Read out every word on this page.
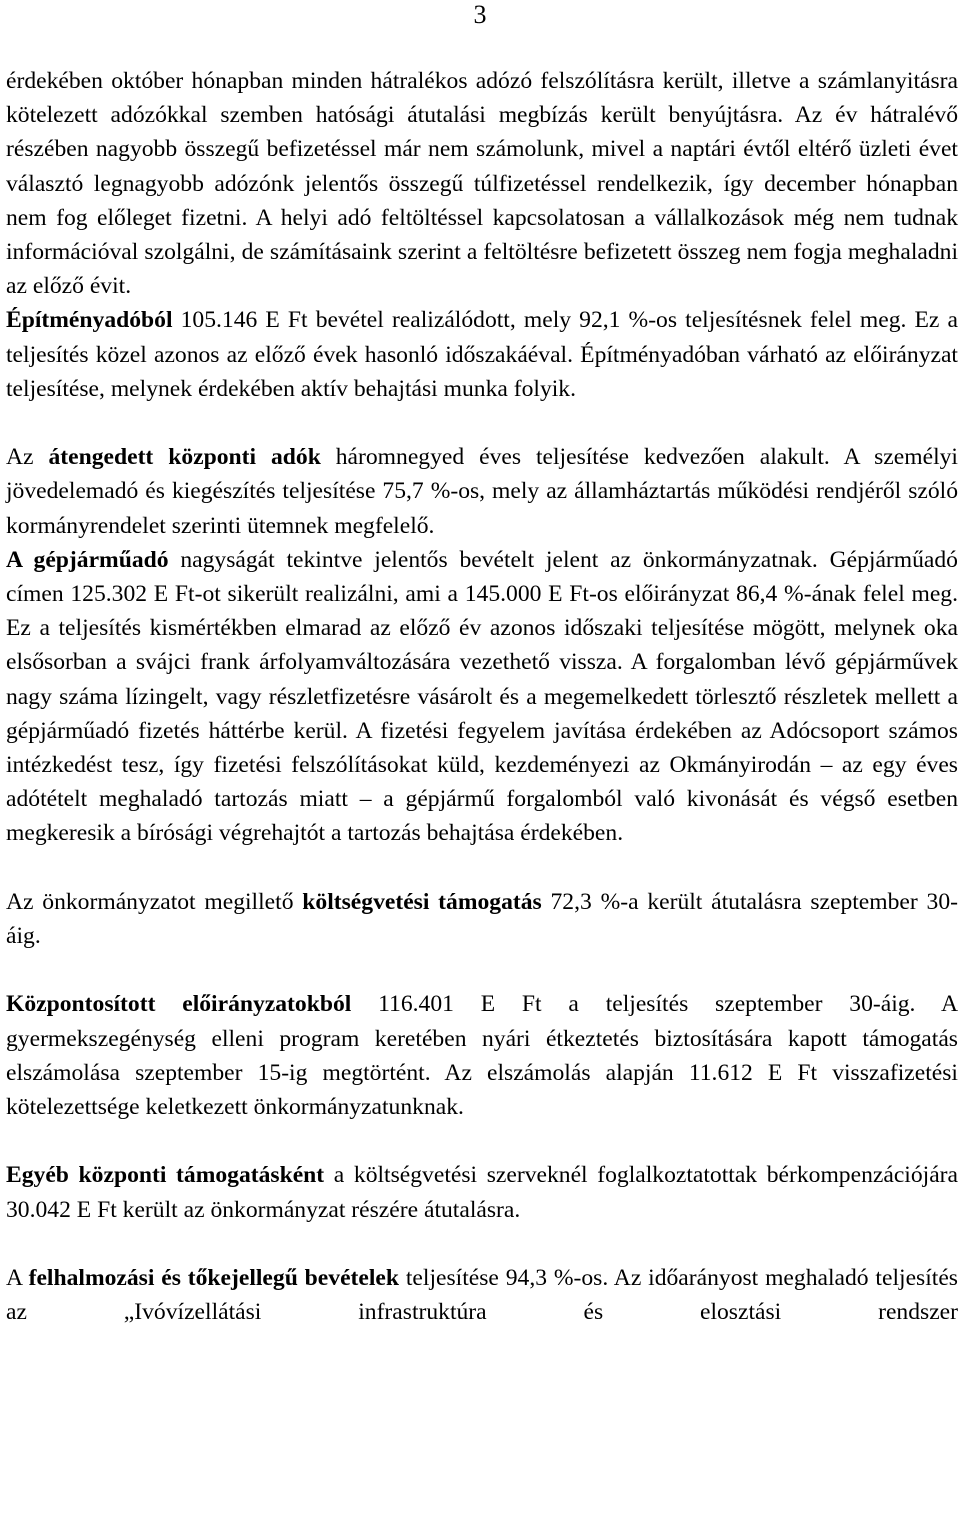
3

érdekében október hónapban minden hátralékos adózó felszólításra került, illetve a számlanyitásra kötelezett adózókkal szemben hatósági átutalási megbízás került benyújtásra. Az év hátralévő részében nagyobb összegű befizetéssel már nem számolunk, mivel a naptári évtől eltérő üzleti évet választó legnagyobb adózónk jelentős összegű túlfizetéssel rendelkezik, így december hónapban nem fog előleget fizetni. A helyi adó feltöltéssel kapcsolatosan a vállalkozások még nem tudnak információval szolgálni, de számításaink szerint a feltöltésre befizetett összeg nem fogja meghaladni az előző évit.

Építményadóból 105.146 E Ft bevétel realizálódott, mely 92,1 %-os teljesítésnek felel meg. Ez a teljesítés közel azonos az előző évek hasonló időszakáéval. Építményadóban várható az előirányzat teljesítése, melynek érdekében aktív behajtási munka folyik.

Az átengedett központi adók háromnegyed éves teljesítése kedvezően alakult. A személyi jövedelemadó és kiegészítés teljesítése 75,7 %-os, mely az államháztartás működési rendjéről szóló kormányrendelet szerinti ütemnek megfelelő.

A gépjárműadó nagyságát tekintve jelentős bevételt jelent az önkormányzatnak. Gépjárműadó címen 125.302 E Ft-ot sikerült realizálni, ami a 145.000 E Ft-os előirányzat 86,4 %-ának felel meg. Ez a teljesítés kismértékben elmarad az előző év azonos időszaki teljesítése mögött, melynek oka elsősorban a svájci frank árfolyamváltozására vezethető vissza. A forgalomban lévő gépjárművek nagy száma lízingelt, vagy részletfizetésre vásárolt és a megemelkedett törlesztő részletek mellett a gépjárműadó fizetés háttérbe kerül. A fizetési fegyelem javítása érdekében az Adócsoport számos intézkedést tesz, így fizetési felszólításokat küld, kezdeményezi az Okmányirodán – az egy éves adótételt meghaladó tartozás miatt – a gépjármű forgalomból való kivonását és végső esetben megkeresik a bírósági végrehajtót a tartozás behajtása érdekében.

Az önkormányzatot megillető költségvetési támogatás 72,3 %-a került átutalásra szeptember 30-áig.

Központosított előirányzatokból 116.401 E Ft a teljesítés szeptember 30-áig. A gyermekszegénység elleni program keretében nyári étkeztetés biztosítására kapott támogatás elszámolása szeptember 15-ig megtörtént. Az elszámolás alapján 11.612 E Ft visszafizetési kötelezettsége keletkezett önkormányzatunknak.

Egyéb központi támogatásként a költségvetési szerveknél foglalkoztatottak bérkompenzációjára 30.042 E Ft került az önkormányzat részére átutalásra.

A felhalmozási és tőkejellegű bevételek teljesítése 94,3 %-os. Az időarányost meghaladó teljesítés az „Ivóvízellátási infrastruktúra és elosztási rendszer
